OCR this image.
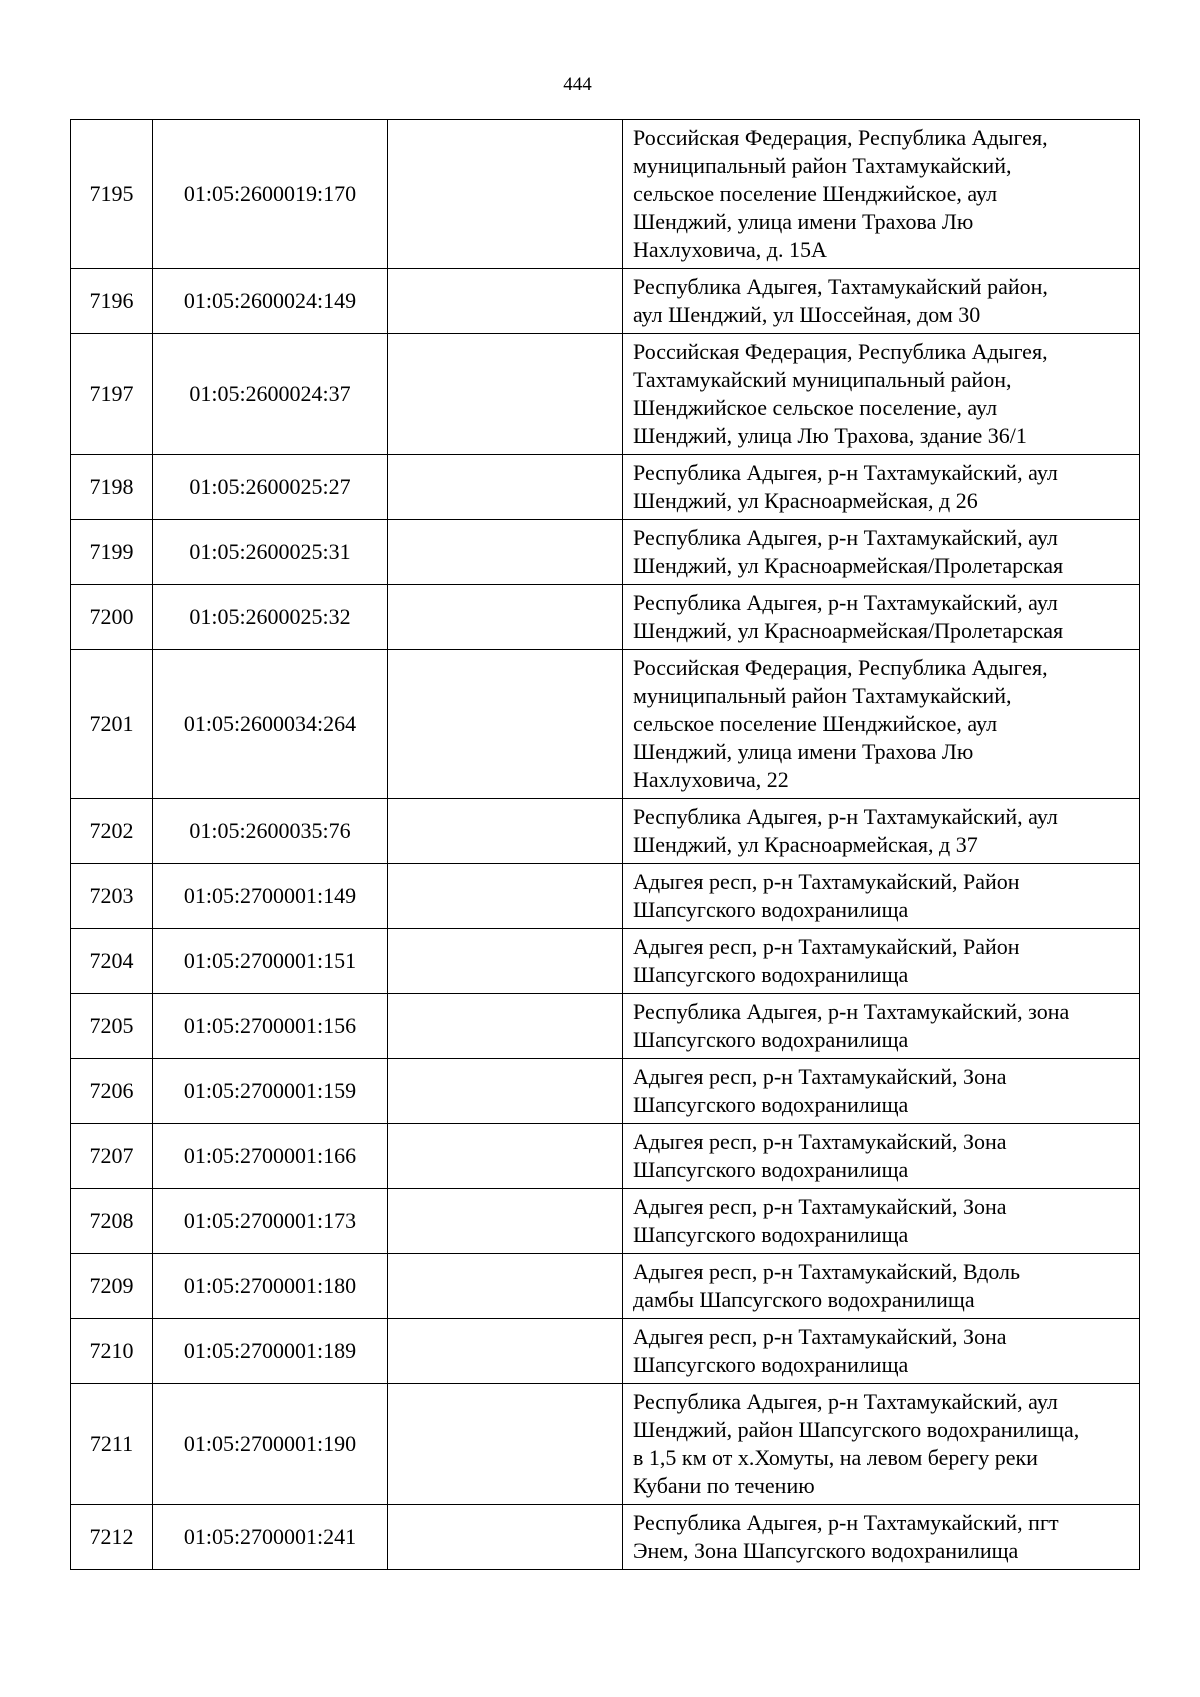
444
7195	01:05:2600019:170		Российская Федерация, Республика Адыгея,
муниципальный район Тахтамукайский,
сельское поселение Шенджийское, аул
Шенджий, улица имени Трахова Лю
Нахлуховича, д. 15А

7196	01:05:2600024:149		Республика Адыгея, Тахтамукайский район,
аул Шенджий, ул Шоссейная, дом 30

7197	01:05:2600024:37		Российская Федерация, Республика Адыгея,
Тахтамукайский муниципальный район,
Шенджийское сельское поселение, аул
Шенджий, улица Лю Трахова, здание 36/1

7198	01:05:2600025:27		Республика Адыгея, р-н Тахтамукайский, аул
Шенджий, ул Красноармейская, д 26

7199	01:05:2600025:31		Республика Адыгея, р-н Тахтамукайский, аул
Шенджий, ул Красноармейская/Пролетарская

7200	01:05:2600025:32		Республика Адыгея, р-н Тахтамукайский, аул
Шенджий, ул Красноармейская/Пролетарская

7201	01:05:2600034:264		Российская Федерация, Республика Адыгея,
муниципальный район Тахтамукайский,
сельское поселение Шенджийское, аул
Шенджий, улица имени Трахова Лю
Нахлуховича, 22

7202	01:05:2600035:76		Республика Адыгея, р-н Тахтамукайский, аул
Шенджий, ул Красноармейская, д 37

7203	01:05:2700001:149		Адыгея респ, р-н Тахтамукайский, Район
Шапсугского водохранилища

7204	01:05:2700001:151		Адыгея респ, р-н Тахтамукайский, Район
Шапсугского водохранилища

7205	01:05:2700001:156		Республика Адыгея, р-н Тахтамукайский, зона
Шапсугского водохранилища

7206	01:05:2700001:159		Адыгея респ, р-н Тахтамукайский, Зона
Шапсугского водохранилища

7207	01:05:2700001:166		Адыгея респ, р-н Тахтамукайский, Зона
Шапсугского водохранилища

7208	01:05:2700001:173		Адыгея респ, р-н Тахтамукайский, Зона
Шапсугского водохранилища

7209	01:05:2700001:180		Адыгея респ, р-н Тахтамукайский, Вдоль
дамбы Шапсугского водохранилища

7210	01:05:2700001:189		Адыгея респ, р-н Тахтамукайский, Зона
Шапсугского водохранилища

7211	01:05:2700001:190		Республика Адыгея, р-н Тахтамукайский, аул
Шенджий, район Шапсугского водохранилища,
в 1,5 км от х.Хомуты, на левом берегу реки
Кубани по течению

7212	01:05:2700001:241		Республика Адыгея, р-н Тахтамукайский, пгт
Энем, Зона Шапсугского водохранилища
